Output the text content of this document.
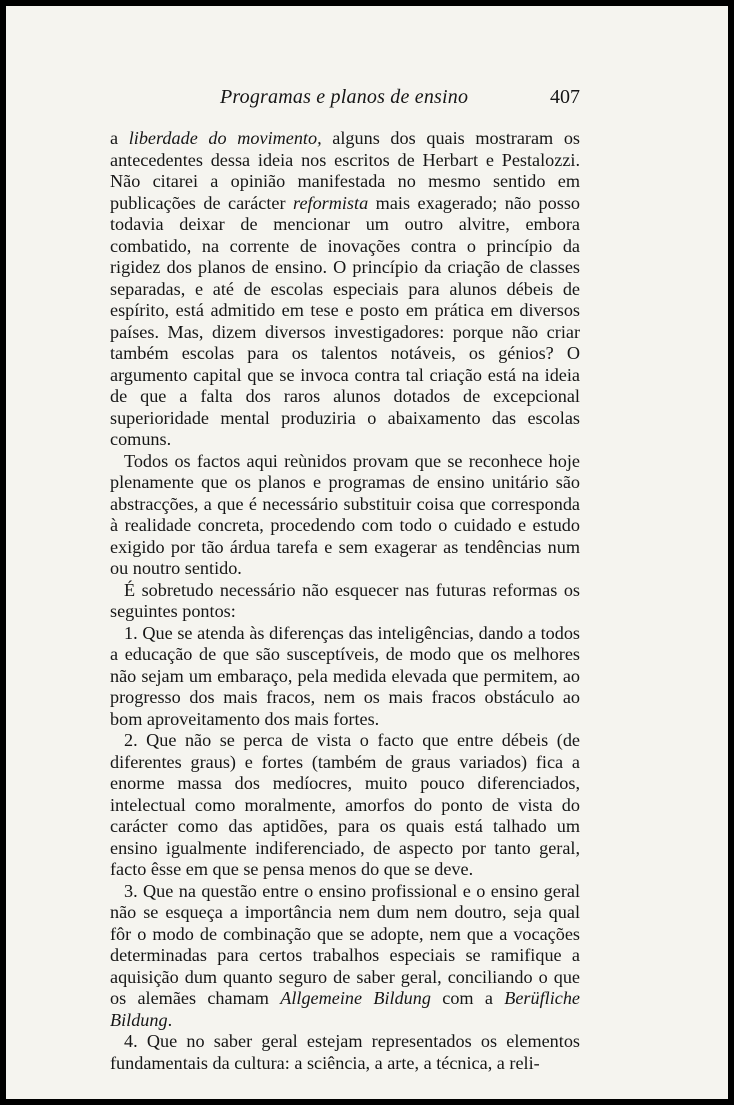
Programas e planos de ensino	407

a liberdade do movimento, alguns dos quais mostraram os antecedentes dessa ideia nos escritos de Herbart e Pestalozzi. Não citarei a opinião manifestada no mesmo sentido em publicações de carácter reformista mais exagerado; não posso todavia deixar de mencionar um outro alvitre, embora combatido, na corrente de inovações contra o princípio da rigidez dos planos de ensino. O princípio da criação de classes separadas, e até de escolas especiais para alunos débeis de espírito, está admitido em tese e posto em prática em diversos países. Mas, dizem diversos investigadores: porque não criar também escolas para os talentos notáveis, os génios? O argumento capital que se invoca contra tal criação está na ideia de que a falta dos raros alunos dotados de excepcional superioridade mental produziria o abaixamento das escolas comuns.

Todos os factos aqui reùnidos provam que se reconhece hoje plenamente que os planos e programas de ensino unitário são abstracções, a que é necessário substituir coisa que corresponda à realidade concreta, procedendo com todo o cuidado e estudo exigido por tão árdua tarefa e sem exagerar as tendências num ou noutro sentido.

É sobretudo necessário não esquecer nas futuras reformas os seguintes pontos:

1. Que se atenda às diferenças das inteligências, dando a todos a educação de que são susceptíveis, de modo que os melhores não sejam um embaraço, pela medida elevada que permitem, ao progresso dos mais fracos, nem os mais fracos obstáculo ao bom aproveitamento dos mais fortes.

2. Que não se perca de vista o facto que entre débeis (de diferentes graus) e fortes (também de graus variados) fica a enorme massa dos medíocres, muito pouco diferenciados, intelectual como moralmente, amorfos do ponto de vista do carácter como das aptidões, para os quais está talhado um ensino igualmente indiferenciado, de aspecto por tanto geral, facto êsse em que se pensa menos do que se deve.

3. Que na questão entre o ensino profissional e o ensino geral não se esqueça a importância nem dum nem doutro, seja qual fôr o modo de combinação que se adopte, nem que a vocações determinadas para certos trabalhos especiais se ramifique a aquisição dum quanto seguro de saber geral, conciliando o que os alemães chamam Allgemeine Bildung com a Berüfliche Bildung.

4. Que no saber geral estejam representados os elementos fundamentais da cultura: a sciência, a arte, a técnica, a reli-
